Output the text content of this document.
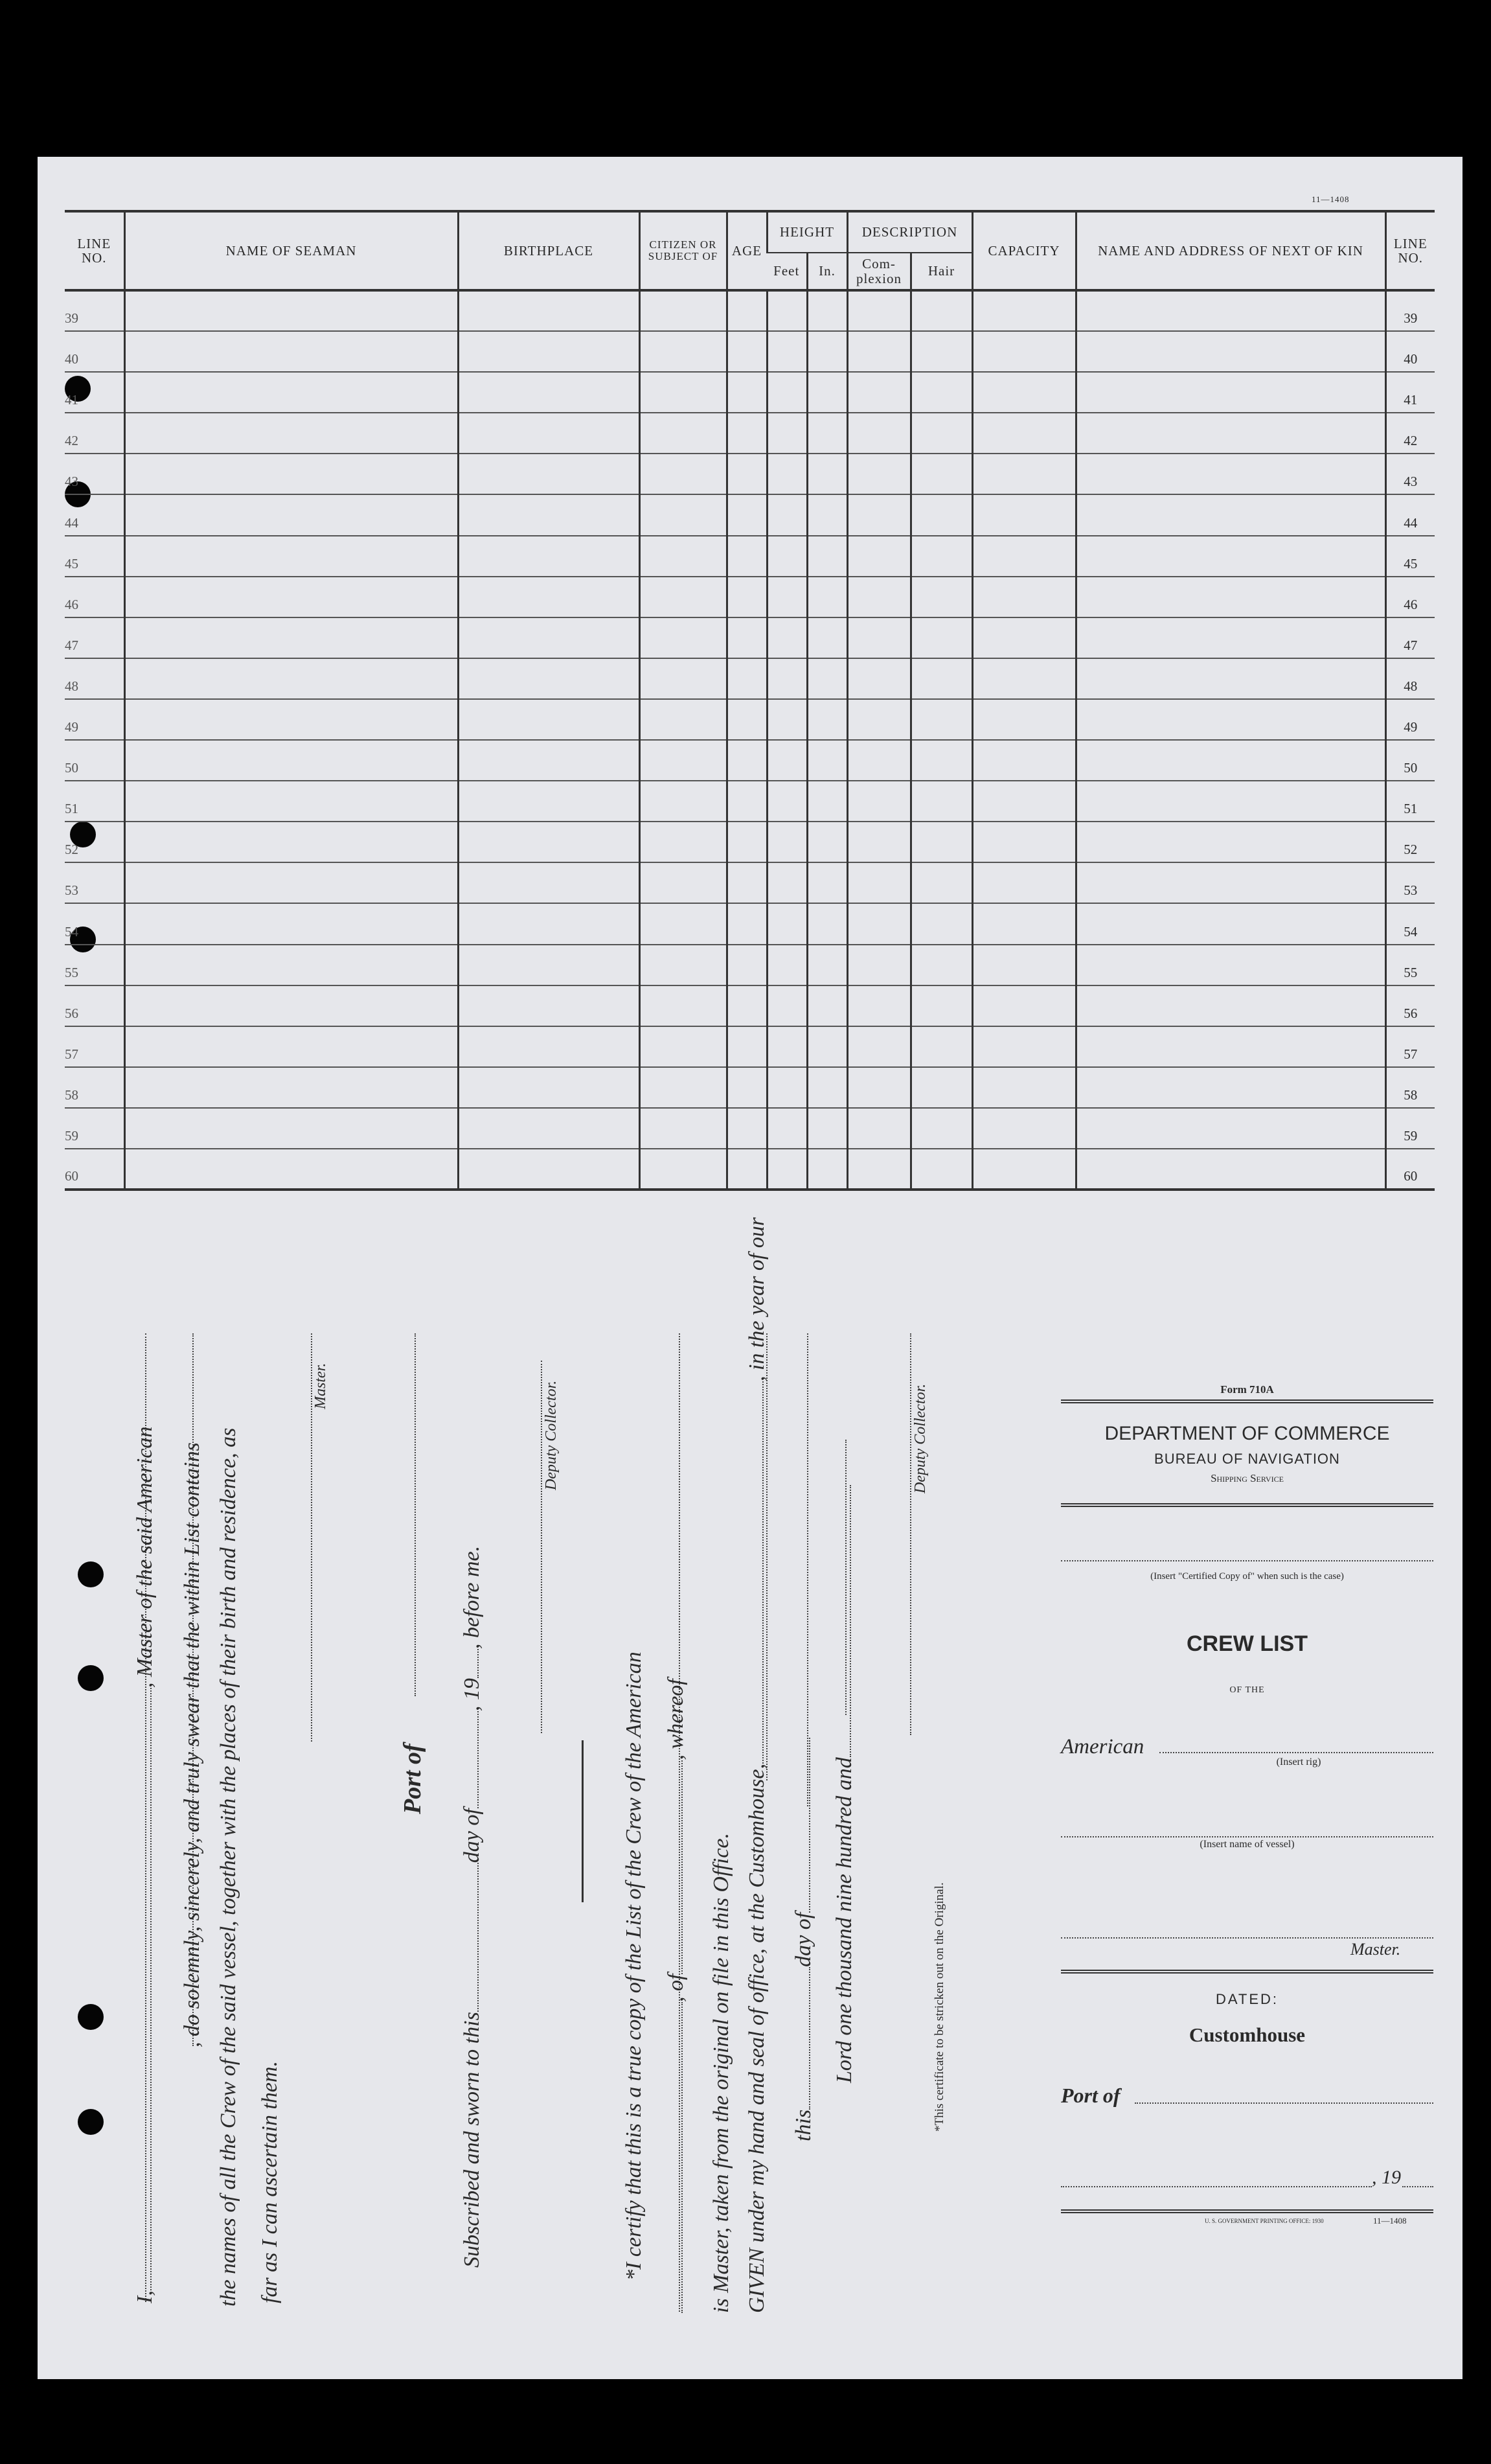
11—1408
LINE NO.	NAME OF SEAMAN	BIRTHPLACE	CITIZEN OR SUBJECT OF	AGE	HEIGHT		DESCRIPTION		CAPACITY	NAME AND ADDRESS OF NEXT OF KIN	LINE NO.
					Feet	In.	Com-plexion	Hair			
39											39
40											40
41											41
42											42
43											43
44											44
45											45
46											46
47											47
48											48
49											49
50											50
51											51
52											52
53											53
54											54
55											55
56											56
57											57
58											58
59											59
60											60
I,, Master of the said American , do solemnly, sincerely, and truly swear that the within List contains the names of all the Crew of the said vessel, together with the places of their birth and residence, as far as I can ascertain them.
Master.
Port of
Subscribed and sworn to thisday of, 19, before me.
Deputy Collector.
*I certify that this is a true copy of the List of the Crew of the American , of, whereof
is Master, taken from the original on file in this Office. GIVEN under my hand and seal of office, at the Customhouse,, in the year of our
thisday of Lord one thousand nine hundred and
Deputy Collector.
*This certificate to be stricken out on the Original.
Form 710A
DEPARTMENT OF COMMERCE
BUREAU OF NAVIGATION
Shipping Service
(Insert "Certified Copy of" when such is the case)
CREW LIST
OF THE
American
(Insert rig)
(Insert name of vessel)
Master.
DATED:
Customhouse
Port of
, 19
U. S. GOVERNMENT PRINTING OFFICE: 1930	11—1408
